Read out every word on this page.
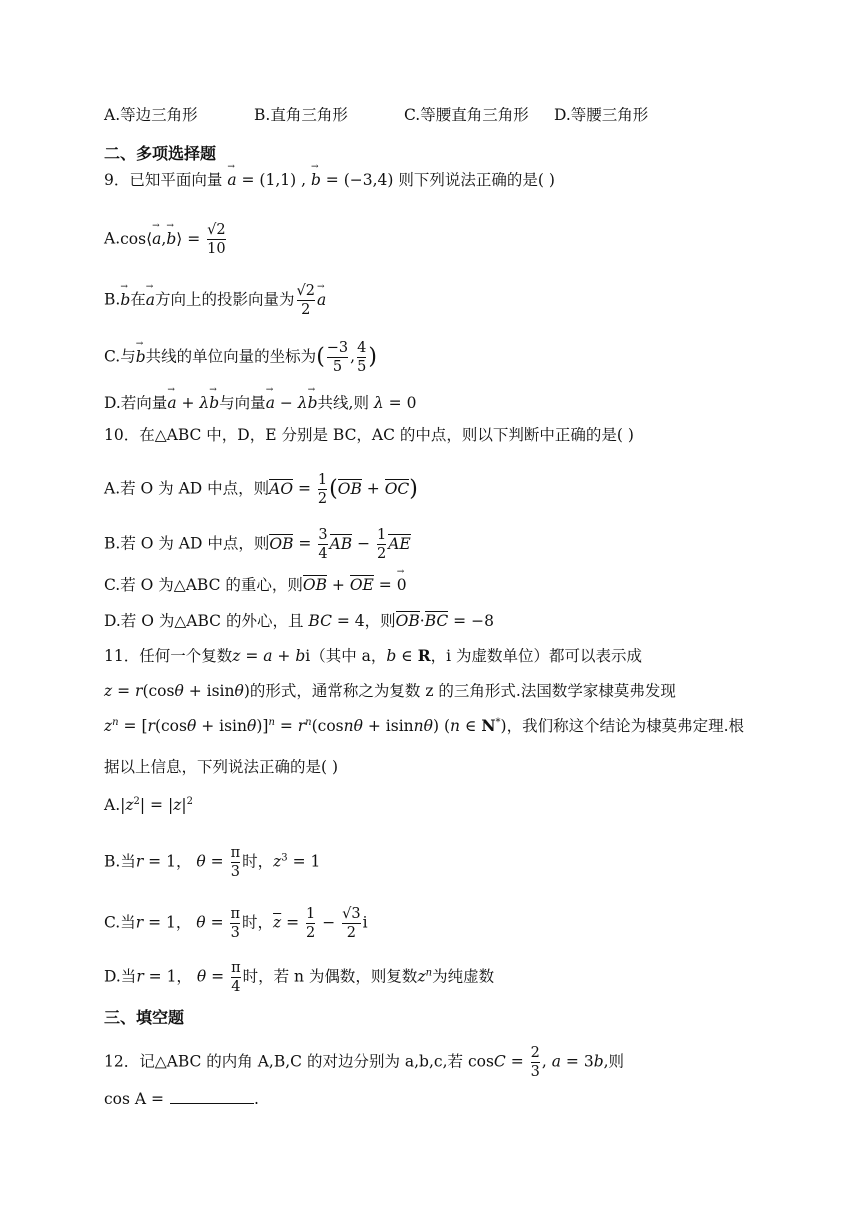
A.等边三角形	B.直角三角形	C.等腰直角三角形 D.等腰三角形
二、多项选择题
9．已知平面向量 → a = (1,1) , → b = (−3,4) 则下列说法正确的是( )
A.cos⟨→ a,→ b⟩ = $\frac{√2}{10}$
B.→ b在→ a方向上的投影向量为 $\frac{√2}{2} \to a$
C.与→ b共线的单位向量的坐标为( $\frac{-3}{5}$ , $\frac{4}{5}$ )
D.若向量→ a + λ→ b与向量→ a − λ→ b共线,则 λ = 0
10．在△ABC 中，D，E 分别是 BC，AC 的中点，则以下判断中正确的是( )
A.若 O 为 AD 中点，则AO = $\frac{1}{2} (OB + OC)$
B.若 O 为 AD 中点，则OB = $\frac{3}{4}$ AB − $\frac{1}{2}$ AE
C.若 O 为△ABC 的重心，则OB + OE = → 0
D.若 O 为△ABC 的外心，且 BC = 4，则OB·BC = −8
11．任何一个复数z = a + bi（其中 a，b ∈ R，i 为虚数单位）都可以表示成
z = r(cosθ + isinθ)的形式，通常称之为复数 z 的三角形式.法国数学家棣莫弗发现
$z^n = [r(\cos\theta + isin\theta)]^n = r^n(\cos n\theta + isinn\theta)$ (n ∈ N*)，我们称这个结论为棣莫弗定理.根
据以上信息，下列说法正确的是( )
$A.|z^2| = |z|^2$
B.当r = 1， $\theta = \frac{\pi}{3}$ 时，$z^3 = 1$
C.当r = 1， $\theta = \frac{\pi}{3}$ 时，$\overline{z} = \frac{1}{2} - \frac{√3}{2}$ i
D.当r = 1， $\theta = \frac{\pi}{4}$ 时，若 n 为偶数，则复数$z^n$为纯虚数
三、填空题
12．记△ABC 的内角 A,B,C 的对边分别为 a,b,c,若 $\cos C = \frac{2}{3}$ , a = 3b,则
cos A =	.
